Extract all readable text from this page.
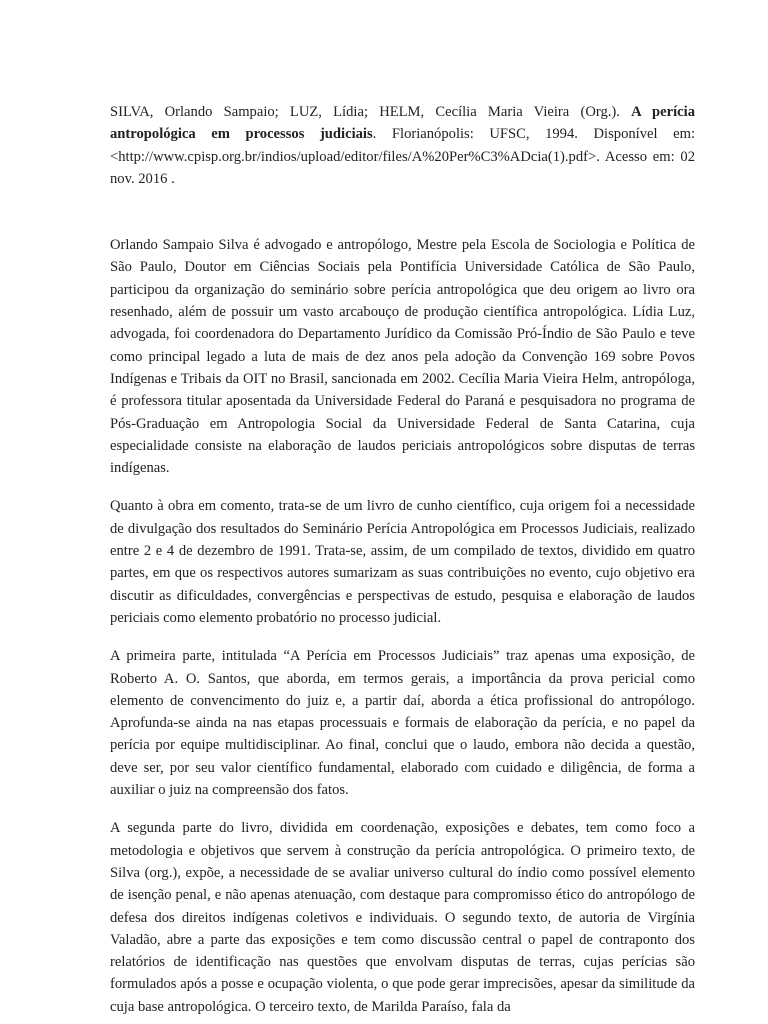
SILVA, Orlando Sampaio; LUZ, Lídia; HELM, Cecília Maria Vieira (Org.). A perícia antropológica em processos judiciais. Florianópolis: UFSC, 1994. Disponível em: <http://www.cpisp.org.br/indios/upload/editor/files/A%20Per%C3%ADcia(1).pdf>. Acesso em: 02 nov. 2016 .

Orlando Sampaio Silva é advogado e antropólogo, Mestre pela Escola de Sociologia e Política de São Paulo, Doutor em Ciências Sociais pela Pontifícia Universidade Católica de São Paulo, participou da organização do seminário sobre perícia antropológica que deu origem ao livro ora resenhado, além de possuir um vasto arcabouço de produção científica antropológica. Lídia Luz, advogada, foi coordenadora do Departamento Jurídico da Comissão Pró-Índio de São Paulo e teve como principal legado a luta de mais de dez anos pela adoção da Convenção 169 sobre Povos Indígenas e Tribais da OIT no Brasil, sancionada em 2002. Cecília Maria Vieira Helm, antropóloga, é professora titular aposentada da Universidade Federal do Paraná e pesquisadora no programa de Pós-Graduação em Antropologia Social da Universidade Federal de Santa Catarina, cuja especialidade consiste na elaboração de laudos periciais antropológicos sobre disputas de terras indígenas.

Quanto à obra em comento, trata-se de um livro de cunho científico, cuja origem foi a necessidade de divulgação dos resultados do Seminário Perícia Antropológica em Processos Judiciais, realizado entre 2 e 4 de dezembro de 1991. Trata-se, assim, de um compilado de textos, dividido em quatro partes, em que os respectivos autores sumarizam as suas contribuições no evento, cujo objetivo era discutir as dificuldades, convergências e perspectivas de estudo, pesquisa e elaboração de laudos periciais como elemento probatório no processo judicial.

A primeira parte, intitulada “A Perícia em Processos Judiciais” traz apenas uma exposição, de Roberto A. O. Santos, que aborda, em termos gerais, a importância da prova pericial como elemento de convencimento do juiz e, a partir daí, aborda a ética profissional do antropólogo. Aprofunda-se ainda na nas etapas processuais e formais de elaboração da perícia, e no papel da perícia por equipe multidisciplinar. Ao final, conclui que o laudo, embora não decida a questão, deve ser, por seu valor científico fundamental, elaborado com cuidado e diligência, de forma a auxiliar o juiz na compreensão dos fatos.

A segunda parte do livro, dividida em coordenação, exposições e debates, tem como foco a metodologia e objetivos que servem à construção da perícia antropológica. O primeiro texto, de Silva (org.), expõe, a necessidade de se avaliar universo cultural do índio como possível elemento de isenção penal, e não apenas atenuação, com destaque para compromisso ético do antropólogo de defesa dos direitos indígenas coletivos e individuais. O segundo texto, de autoria de Virgínia Valadão, abre a parte das exposições e tem como discussão central o papel de contraponto dos relatórios de identificação nas questões que envolvam disputas de terras, cujas perícias são formulados após a posse e ocupação violenta, o que pode gerar imprecisões, apesar da similitude da cuja base antropológica. O terceiro texto, de Marilda Paraíso, fala da
